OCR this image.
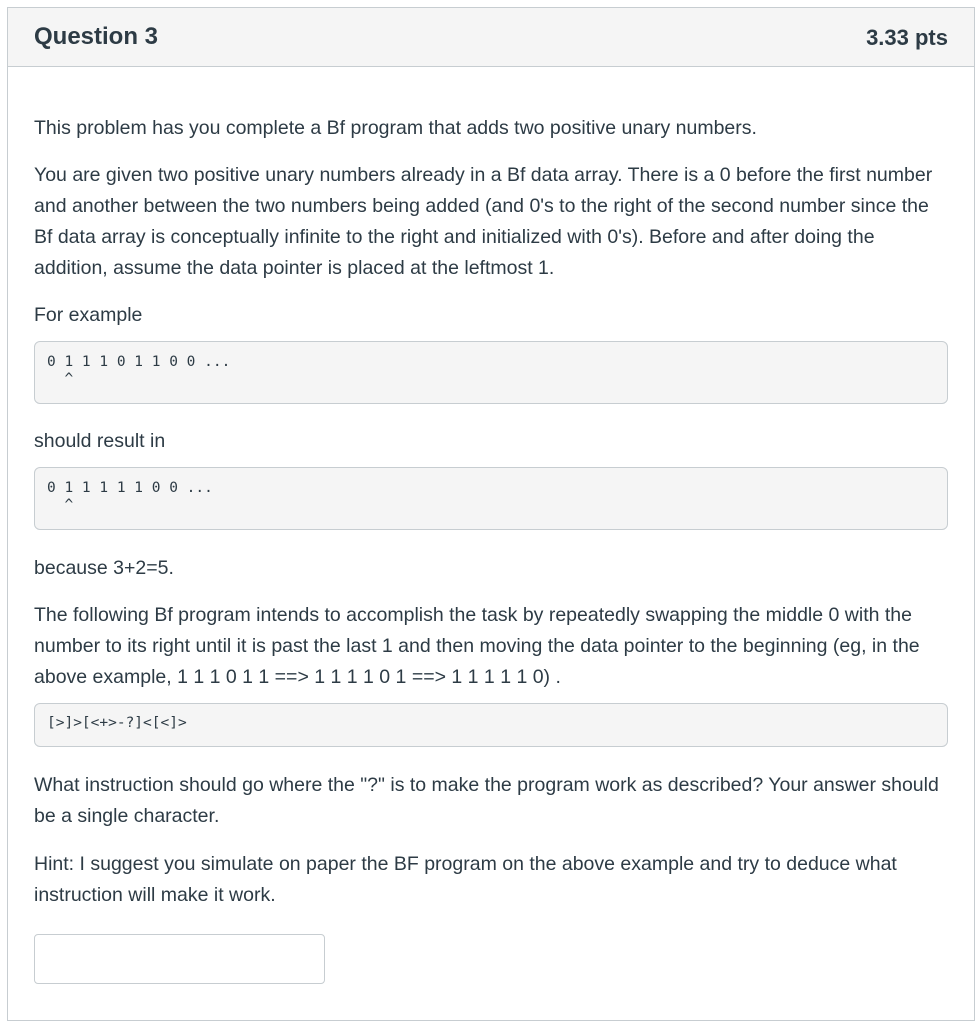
Question 3	3.33 pts

This problem has you complete a Bf program that adds two positive unary numbers.

You are given two positive unary numbers already in a Bf data array. There is a 0 before the first number and another between the two numbers being added (and 0's to the right of the second number since the Bf data array is conceptually infinite to the right and initialized with 0's). Before and after doing the addition, assume the data pointer is placed at the leftmost 1.

For example

0 1 1 1 0 1 1 0 0 ...
^

should result in

0 1 1 1 1 1 0 0 ...
^

because 3+2=5.

The following Bf program intends to accomplish the task by repeatedly swapping the middle 0 with the number to its right until it is past the last 1 and then moving the data pointer to the beginning (eg, in the above example, 1 1 1 0 1 1 ==> 1 1 1 1 0 1 ==> 1 1 1 1 1 0) .

[>]>[<+>-?]<[<]>

What instruction should go where the "?" is to make the program work as described? Your answer should be a single character.

Hint: I suggest you simulate on paper the BF program on the above example and try to deduce what instruction will make it work.
